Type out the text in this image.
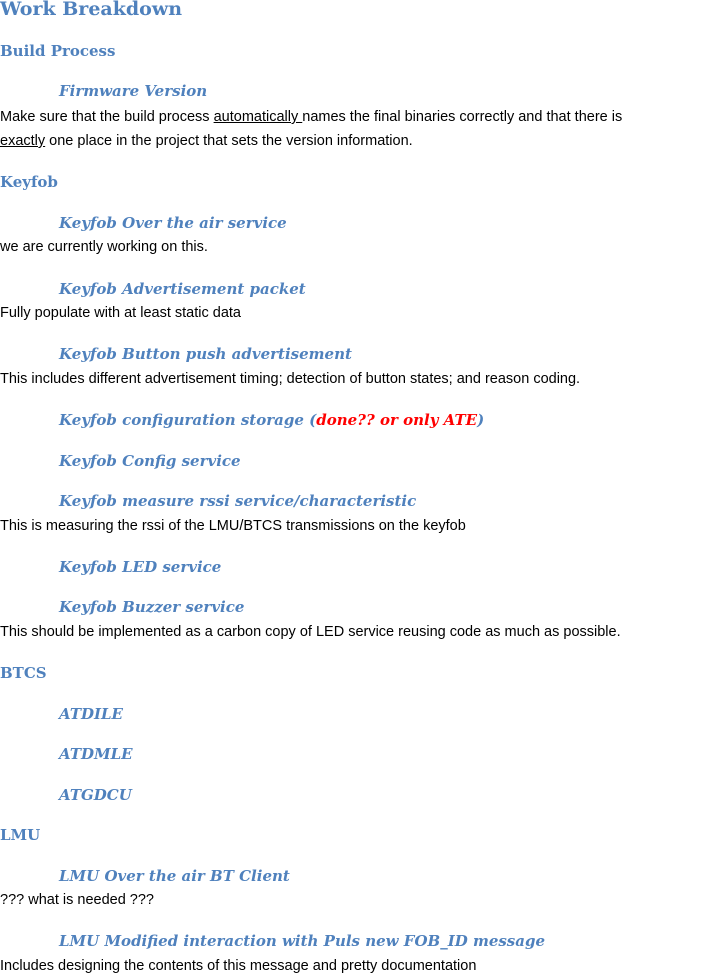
Work Breakdown
Build Process
Firmware Version

Make sure that the build process automatically names the final binaries correctly and that there is

exactly one place in the project that sets the version information.

Keyfob
Keyfob Over the air service

we are currently working on this.

Keyfob Advertisement packet

Fully populate with at least static data

Keyfob Button push advertisement

This includes different advertisement timing; detection of button states; and reason coding.

Keyfob configuration storage (done?? or only ATE)
Keyfob Config service
Keyfob measure rssi service/characteristic

This is measuring the rssi of the LMU/BTCS transmissions on the keyfob

Keyfob LED service
Keyfob Buzzer service

This should be implemented as a carbon copy of LED service reusing code as much as possible.

BTCS
ATDILE
ATDMLE
ATGDCU
LMU
LMU Over the air BT Client

??? what is needed ???

LMU Modified interaction with Puls new FOB_ID message

Includes designing the contents of this message and pretty documentation
